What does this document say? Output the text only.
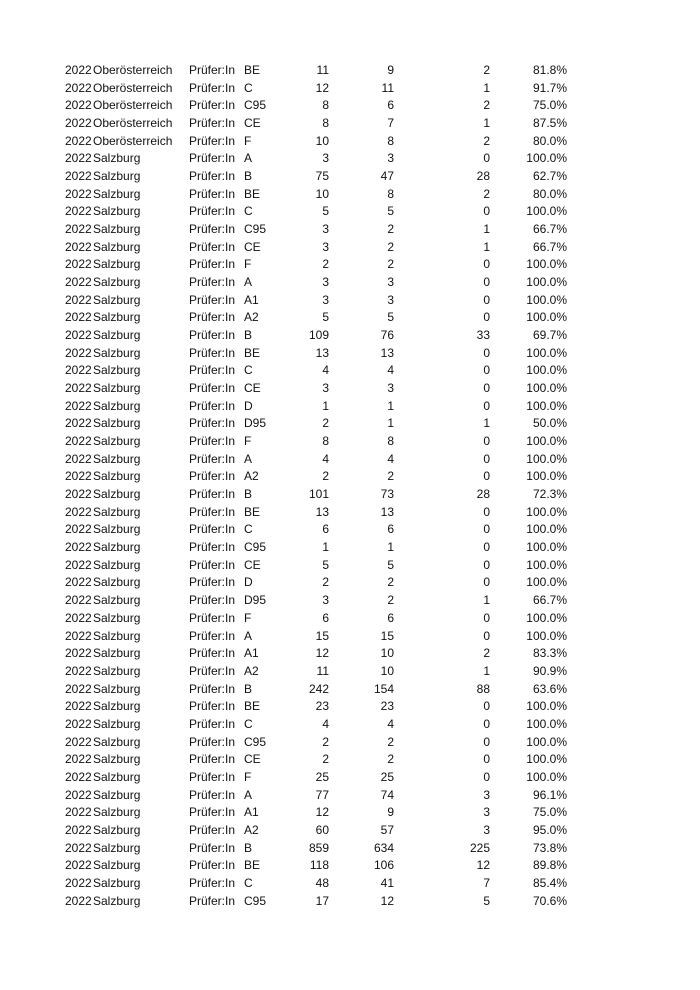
2022 Oberösterreich Prüfer:In BE	11	9	2	81.8%
2022 Oberösterreich Prüfer:In C	12	11	1	91.7%
2022 Oberösterreich Prüfer:In C95	8	6	2	75.0%
2022 Oberösterreich Prüfer:In CE	8	7	1	87.5%
2022 Oberösterreich Prüfer:In F	10	8	2	80.0%
2022 Salzburg	Prüfer:In A	3	3	0	100.0%
2022 Salzburg	Prüfer:In B	75	47	28	62.7%
2022 Salzburg	Prüfer:In BE	10	8	2	80.0%
2022 Salzburg	Prüfer:In C	5	5	0	100.0%
2022 Salzburg	Prüfer:In C95	3	2	1	66.7%
2022 Salzburg	Prüfer:In CE	3	2	1	66.7%
2022 Salzburg	Prüfer:In F	2	2	0	100.0%
2022 Salzburg	Prüfer:In A	3	3	0	100.0%
2022 Salzburg	Prüfer:In A1	3	3	0	100.0%
2022 Salzburg	Prüfer:In A2	5	5	0	100.0%
2022 Salzburg	Prüfer:In B	109	76	33	69.7%
2022 Salzburg	Prüfer:In BE	13	13	0	100.0%
2022 Salzburg	Prüfer:In C	4	4	0	100.0%
2022 Salzburg	Prüfer:In CE	3	3	0	100.0%
2022 Salzburg	Prüfer:In D	1	1	0	100.0%
2022 Salzburg	Prüfer:In D95	2	1	1	50.0%
2022 Salzburg	Prüfer:In F	8	8	0	100.0%
2022 Salzburg	Prüfer:In A	4	4	0	100.0%
2022 Salzburg	Prüfer:In A2	2	2	0	100.0%
2022 Salzburg	Prüfer:In B	101	73	28	72.3%
2022 Salzburg	Prüfer:In BE	13	13	0	100.0%
2022 Salzburg	Prüfer:In C	6	6	0	100.0%
2022 Salzburg	Prüfer:In C95	1	1	0	100.0%
2022 Salzburg	Prüfer:In CE	5	5	0	100.0%
2022 Salzburg	Prüfer:In D	2	2	0	100.0%
2022 Salzburg	Prüfer:In D95	3	2	1	66.7%
2022 Salzburg	Prüfer:In F	6	6	0	100.0%
2022 Salzburg	Prüfer:In A	15	15	0	100.0%
2022 Salzburg	Prüfer:In A1	12	10	2	83.3%
2022 Salzburg	Prüfer:In A2	11	10	1	90.9%
2022 Salzburg	Prüfer:In B	242	154	88	63.6%
2022 Salzburg	Prüfer:In BE	23	23	0	100.0%
2022 Salzburg	Prüfer:In C	4	4	0	100.0%
2022 Salzburg	Prüfer:In C95	2	2	0	100.0%
2022 Salzburg	Prüfer:In CE	2	2	0	100.0%
2022 Salzburg	Prüfer:In F	25	25	0	100.0%
2022 Salzburg	Prüfer:In A	77	74	3	96.1%
2022 Salzburg	Prüfer:In A1	12	9	3	75.0%
2022 Salzburg	Prüfer:In A2	60	57	3	95.0%
2022 Salzburg	Prüfer:In B	859	634	225	73.8%
2022 Salzburg	Prüfer:In BE	118	106	12	89.8%
2022 Salzburg	Prüfer:In C	48	41	7	85.4%
2022 Salzburg	Prüfer:In C95	17	12	5	70.6%
